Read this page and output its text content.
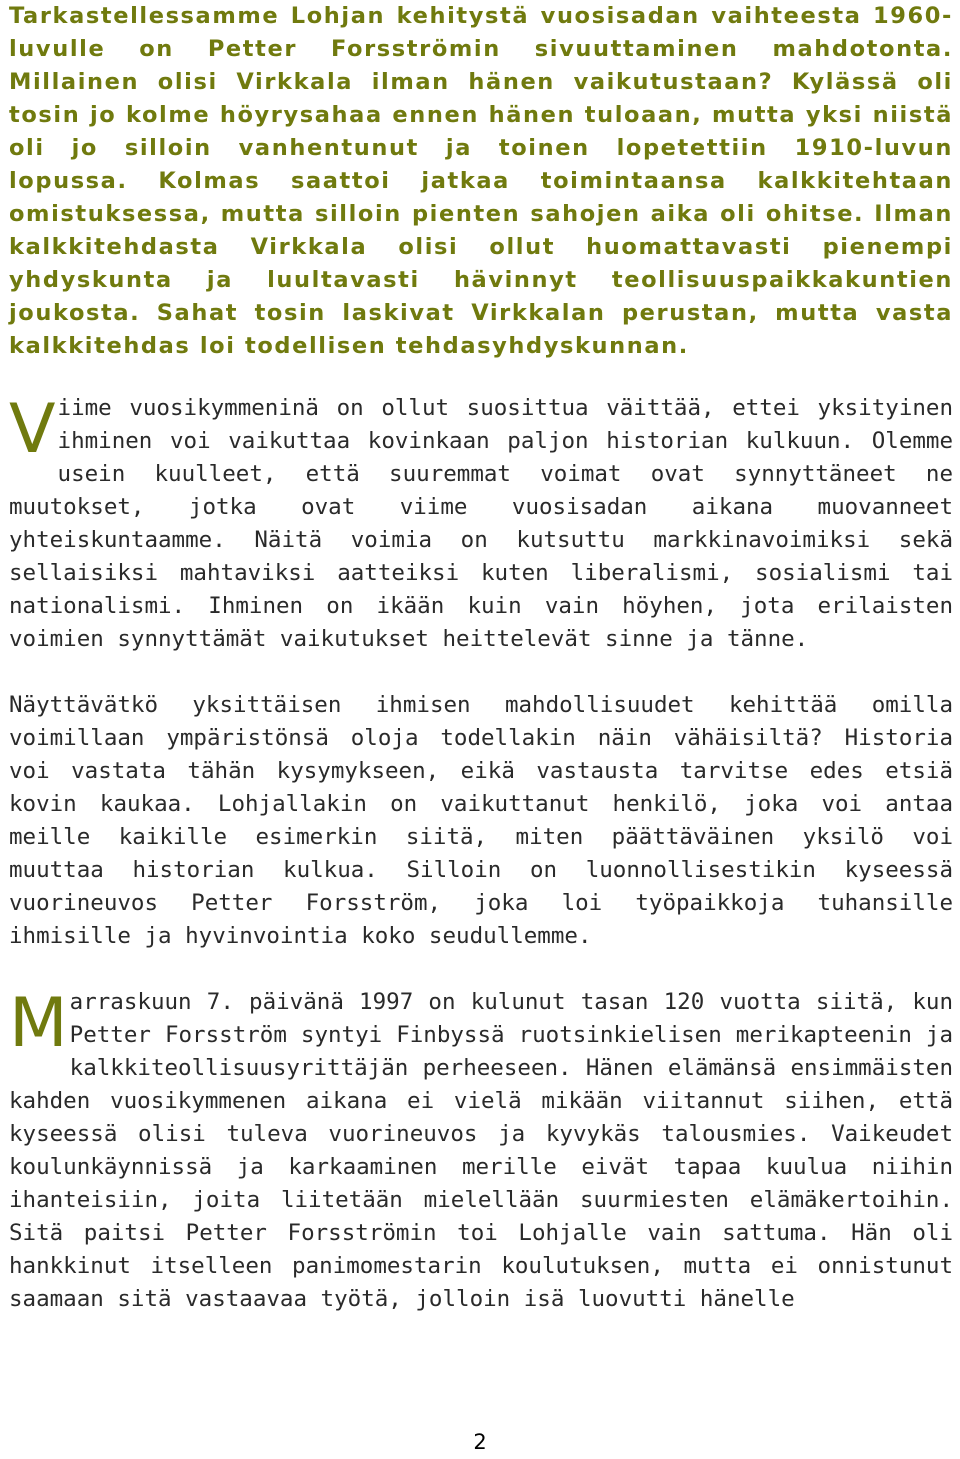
Tarkastellessamme Lohjan kehitystä vuosisadan vaihteesta 1960-luvulle on Petter Forsströmin sivuuttaminen mahdotonta. Millainen olisi Virkkala ilman hänen vaikutustaan? Kylässä oli tosin jo kolme höyrysahaa ennen hänen tuloaan, mutta yksi niistä oli jo silloin vanhentunut ja toinen lopetettiin 1910-luvun lopussa. Kolmas saattoi jatkaa toimintaansa kalkkitehtaan omistuksessa, mutta silloin pienten sahojen aika oli ohitse. Ilman kalkkitehdasta Virkkala olisi ollut huomattavasti pienempi yhdyskunta ja luultavasti hävinnyt teollisuuspaikkakuntien joukosta. Sahat tosin laskivat Virkkalan perustan, mutta vasta kalkkitehdas loi todellisen tehdasyhdyskunnan.

Viime vuosikymmeninä on ollut suosittua väittää, ettei yksityinen ihminen voi vaikuttaa kovinkaan paljon historian kulkuun. Olemme usein kuulleet, että suuremmat voimat ovat synnyttäneet ne muutokset, jotka ovat viime vuosisadan aikana muovanneet yhteiskuntaamme. Näitä voimia on kutsuttu markkinavoimiksi sekä sellaisiksi mahtaviksi aatteiksi kuten liberalismi, sosialismi tai nationalismi. Ihminen on ikään kuin vain höyhen, jota erilaisten voimien synnyttämät vaikutukset heittelevät sinne ja tänne.

Näyttävätkö yksittäisen ihmisen mahdollisuudet kehittää omilla voimillaan ympäristönsä oloja todellakin näin vähäisiltä? Historia voi vastata tähän kysymykseen, eikä vastausta tarvitse edes etsiä kovin kaukaa. Lohjallakin on vaikuttanut henkilö, joka voi antaa meille kaikille esimerkin siitä, miten päättäväinen yksilö voi muuttaa historian kulkua. Silloin on luonnollisestikin kyseessä vuorineuvos Petter Forsström, joka loi työpaikkoja tuhansille ihmisille ja hyvinvointia koko seudullemme.

Marraskuun 7. päivänä 1997 on kulunut tasan 120 vuotta siitä, kun Petter Forsström syntyi Finbyssä ruotsinkielisen merikapteenin ja kalkkiteollisuusyrittäjän perheeseen. Hänen elämänsä ensimmäisten kahden vuosikymmenen aikana ei vielä mikään viitannut siihen, että kyseessä olisi tuleva vuorineuvos ja kyvykäs talousmies. Vaikeudet koulunkäynnissä ja karkaaminen merille eivät tapaa kuulua niihin ihanteisiin, joita liitetään mielellään suurmiesten elämäkertoihin. Sitä paitsi Petter Forsströmin toi Lohjalle vain sattuma. Hän oli hankkinut itselleen panimomestarin koulutuksen, mutta ei onnistunut saamaan sitä vastaavaa työtä, jolloin isä luovutti hänelle

2
